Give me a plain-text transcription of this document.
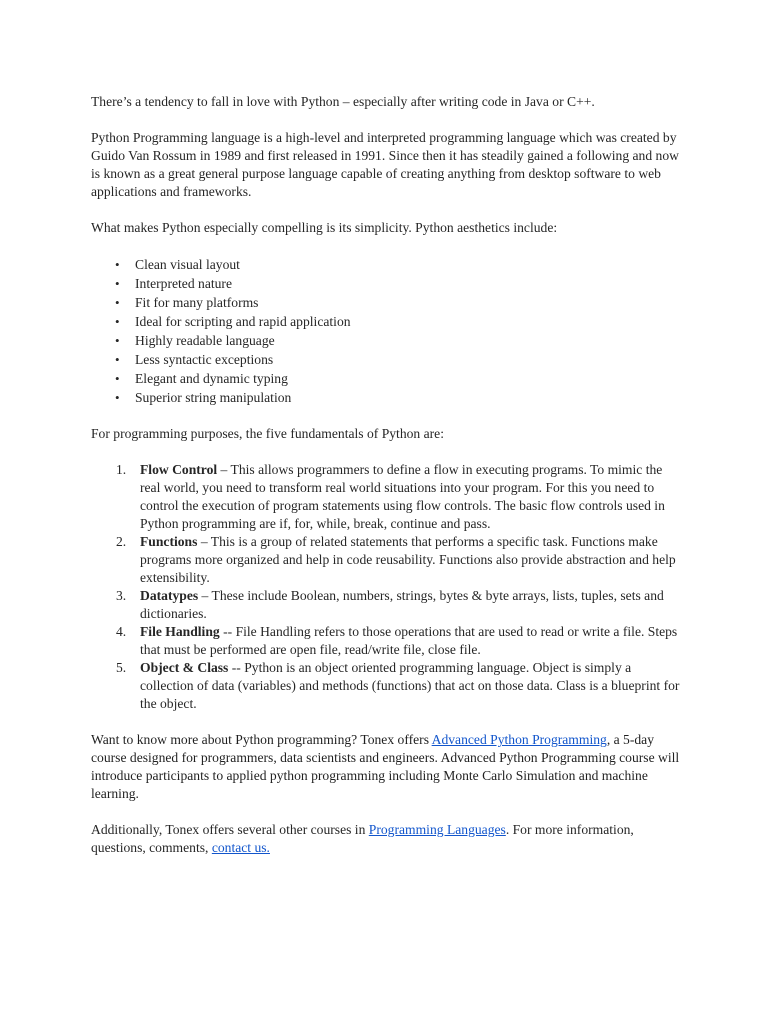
There’s a tendency to fall in love with Python – especially after writing code in Java or C++.

Python Programming language is a high-level and interpreted programming language which was created by Guido Van Rossum in 1989 and first released in 1991. Since then it has steadily gained a following and now is known as a great general purpose language capable of creating anything from desktop software to web applications and frameworks.

What makes Python especially compelling is its simplicity. Python aesthetics include:

• Clean visual layout
• Interpreted nature
• Fit for many platforms
• Ideal for scripting and rapid application
• Highly readable language
• Less syntactic exceptions
• Elegant and dynamic typing
• Superior string manipulation

For programming purposes, the five fundamentals of Python are:

1. Flow Control – This allows programmers to define a flow in executing programs. To mimic the real world, you need to transform real world situations into your program. For this you need to control the execution of program statements using flow controls. The basic flow controls used in Python programming are if, for, while, break, continue and pass.
2. Functions – This is a group of related statements that performs a specific task. Functions make programs more organized and help in code reusability. Functions also provide abstraction and help extensibility.
3. Datatypes – These include Boolean, numbers, strings, bytes & byte arrays, lists, tuples, sets and dictionaries.
4. File Handling -- File Handling refers to those operations that are used to read or write a file. Steps that must be performed are open file, read/write file, close file.
5. Object & Class -- Python is an object oriented programming language. Object is simply a collection of data (variables) and methods (functions) that act on those data. Class is a blueprint for the object.

Want to know more about Python programming? Tonex offers Advanced Python Programming, a 5-day course designed for programmers, data scientists and engineers. Advanced Python Programming course will introduce participants to applied python programming including Monte Carlo Simulation and machine learning.

Additionally, Tonex offers several other courses in Programming Languages. For more information, questions, comments, contact us.
